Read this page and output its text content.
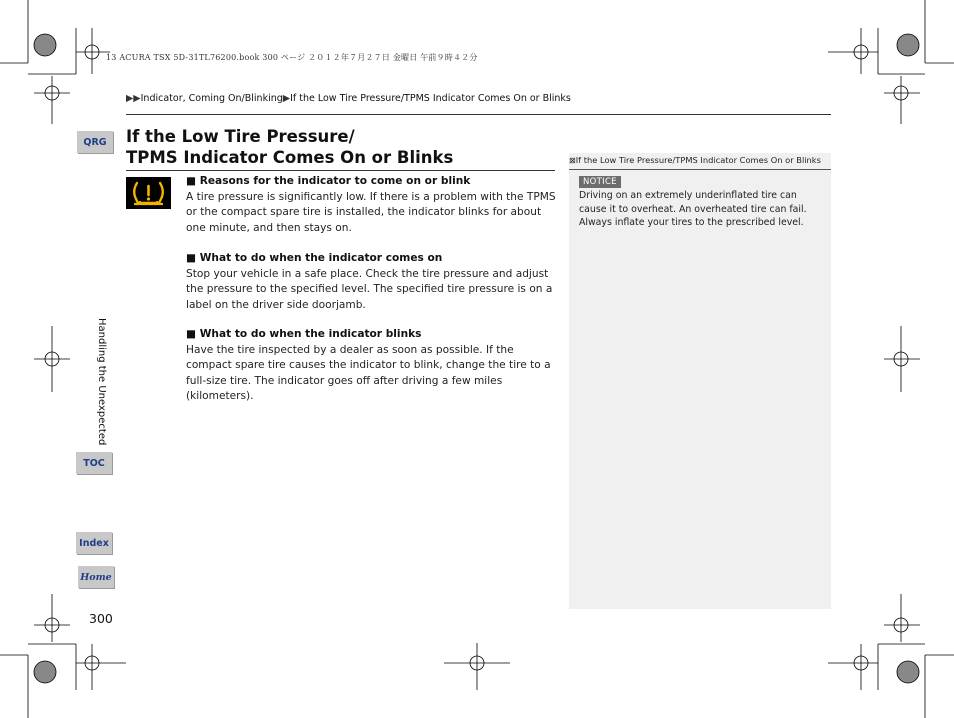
13 ACURA TSX 5D-31TL76200.book 300 ページ ２０１２年７月２７日 金曜日 午前９時４２分
▶▶Indicator, Coming On/Blinking▶If the Low Tire Pressure/TPMS Indicator Comes On or Blinks
QRG
Handling the Unexpected
TOC
Index
Home
300
If the Low Tire Pressure/
TPMS Indicator Comes On or Blinks
■ Reasons for the indicator to come on or blink
A tire pressure is significantly low. If there is a problem with the TPMS or the compact spare tire is installed, the indicator blinks for about one minute, and then stays on.
■ What to do when the indicator comes on
Stop your vehicle in a safe place. Check the tire pressure and adjust the pressure to the specified level. The specified tire pressure is on a label on the driver side doorjamb.
■ What to do when the indicator blinks
Have the tire inspected by a dealer as soon as possible. If the compact spare tire causes the indicator to blink, change the tire to a full-size tire. The indicator goes off after driving a few miles (kilometers).
⊠If the Low Tire Pressure/TPMS Indicator Comes On or Blinks
NOTICE
Driving on an extremely underinflated tire can cause it to overheat. An overheated tire can fail. Always inflate your tires to the prescribed level.
